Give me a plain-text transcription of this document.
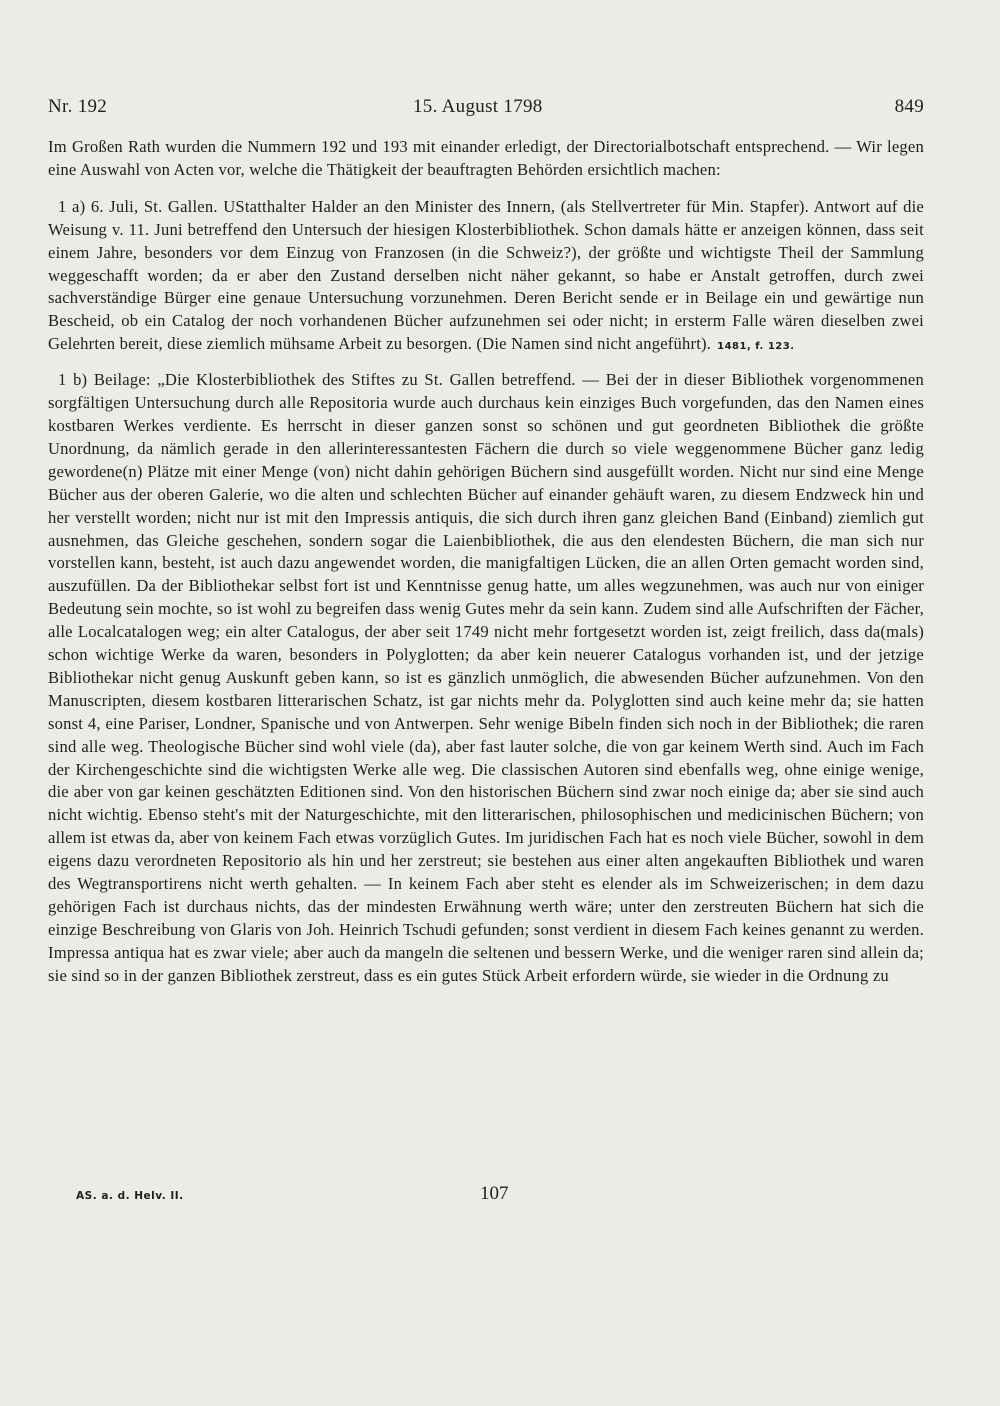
Nr. 192	15. August 1798	849

Im Großen Rath wurden die Nummern 192 und 193 mit einander erledigt, der Directorialbotschaft entsprechend. — Wir legen eine Auswahl von Acten vor, welche die Thätigkeit der beauftragten Behörden ersichtlich machen:

1 a) 6. Juli, St. Gallen. UStatthalter Halder an den Minister des Innern, (als Stellvertreter für Min. Stapfer). Antwort auf die Weisung v. 11. Juni betreffend den Untersuch der hiesigen Klosterbibliothek. Schon damals hätte er anzeigen können, dass seit einem Jahre, besonders vor dem Einzug von Franzosen (in die Schweiz?), der größte und wichtigste Theil der Sammlung weggeschafft worden; da er aber den Zustand derselben nicht näher gekannt, so habe er Anstalt getroffen, durch zwei sachverständige Bürger eine genaue Untersuchung vorzunehmen. Deren Bericht sende er in Beilage ein und gewärtige nun Bescheid, ob ein Catalog der noch vorhandenen Bücher aufzunehmen sei oder nicht; in ersterm Falle wären dieselben zwei Gelehrten bereit, diese ziemlich mühsame Arbeit zu besorgen. (Die Namen sind nicht angeführt). 1481, f. 123.

1 b) Beilage: „Die Klosterbibliothek des Stiftes zu St. Gallen betreffend. — Bei der in dieser Bibliothek vorgenommenen sorgfältigen Untersuchung durch alle Repositoria wurde auch durchaus kein einziges Buch vorgefunden, das den Namen eines kostbaren Werkes verdiente. Es herrscht in dieser ganzen sonst so schönen und gut geordneten Bibliothek die größte Unordnung, da nämlich gerade in den allerinteressantesten Fächern die durch so viele weggenommene Bücher ganz ledig gewordene(n) Plätze mit einer Menge (von) nicht dahin gehörigen Büchern sind ausgefüllt worden. Nicht nur sind eine Menge Bücher aus der oberen Galerie, wo die alten und schlechten Bücher auf einander gehäuft waren, zu diesem Endzweck hin und her verstellt worden; nicht nur ist mit den Impressis antiquis, die sich durch ihren ganz gleichen Band (Einband) ziemlich gut ausnehmen, das Gleiche geschehen, sondern sogar die Laienbibliothek, die aus den elendesten Büchern, die man sich nur vorstellen kann, besteht, ist auch dazu angewendet worden, die manigfaltigen Lücken, die an allen Orten gemacht worden sind, auszufüllen. Da der Bibliothekar selbst fort ist und Kenntnisse genug hatte, um alles wegzunehmen, was auch nur von einiger Bedeutung sein mochte, so ist wohl zu begreifen dass wenig Gutes mehr da sein kann. Zudem sind alle Aufschriften der Fächer, alle Localcatalogen weg; ein alter Catalogus, der aber seit 1749 nicht mehr fortgesetzt worden ist, zeigt freilich, dass da(mals) schon wichtige Werke da waren, besonders in Polyglotten; da aber kein neuerer Catalogus vorhanden ist, und der jetzige Bibliothekar nicht genug Auskunft geben kann, so ist es gänzlich unmöglich, die abwesenden Bücher aufzunehmen. Von den Manuscripten, diesem kostbaren litterarischen Schatz, ist gar nichts mehr da. Polyglotten sind auch keine mehr da; sie hatten sonst 4, eine Pariser, Londner, Spanische und von Antwerpen. Sehr wenige Bibeln finden sich noch in der Bibliothek; die raren sind alle weg. Theologische Bücher sind wohl viele (da), aber fast lauter solche, die von gar keinem Werth sind. Auch im Fach der Kirchengeschichte sind die wichtigsten Werke alle weg. Die classischen Autoren sind ebenfalls weg, ohne einige wenige, die aber von gar keinen geschätzten Editionen sind. Von den historischen Büchern sind zwar noch einige da; aber sie sind auch nicht wichtig. Ebenso steht's mit der Naturgeschichte, mit den litterarischen, philosophischen und medicinischen Büchern; von allem ist etwas da, aber von keinem Fach etwas vorzüglich Gutes. Im juridischen Fach hat es noch viele Bücher, sowohl in dem eigens dazu verordneten Repositorio als hin und her zerstreut; sie bestehen aus einer alten angekauften Bibliothek und waren des Wegtransportirens nicht werth gehalten. — In keinem Fach aber steht es elender als im Schweizerischen; in dem dazu gehörigen Fach ist durchaus nichts, das der mindesten Erwähnung werth wäre; unter den zerstreuten Büchern hat sich die einzige Beschreibung von Glaris von Joh. Heinrich Tschudi gefunden; sonst verdient in diesem Fach keines genannt zu werden. Impressa antiqua hat es zwar viele; aber auch da mangeln die seltenen und bessern Werke, und die weniger raren sind allein da; sie sind so in der ganzen Bibliothek zerstreut, dass es ein gutes Stück Arbeit erfordern würde, sie wieder in die Ordnung zu

AS. a. d. Helv. II.	107
